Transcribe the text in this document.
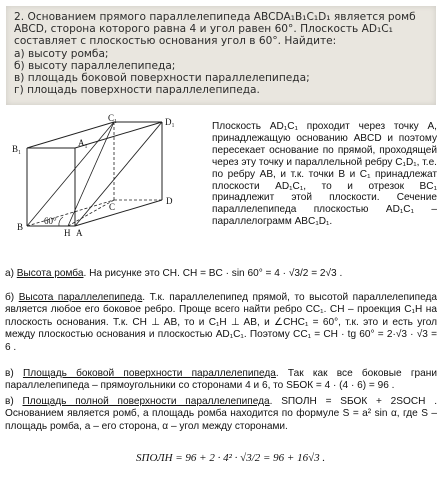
2. Основанием прямого параллелепипеда ABCDA₁B₁C₁D₁ является ромб
ABCD, сторона которого равна 4 и угол равен 60°. Плоскость AD₁C₁
составляет с плоскостью основания угол в 60°. Найдите:
а) высоту ромба;
б) высоту параллелепипеда;
в) площадь боковой поверхности параллелепипеда;
г) площадь поверхности параллелепипеда.
C₁	D₁
B₁
A₁
C
D
B
H A
60°
Плоскость AD₁C₁ проходит через точку A, принадлежащую основанию ABCD и поэтому пересекает основание по прямой, проходящей через эту точку и параллельной ребру C₁D₁, т.е. по ребру AB, и т.к. точки B и C₁ принадлежат плоскости AD₁C₁, то и отрезок BC₁ принадлежит этой плоскости. Сечение параллелепипеда плоскостью AD₁C₁ – параллелограмм ABC₁D₁.
а) Высота ромба. На рисунке это CH. CH = BC · sin 60° = 4 · √3/2 = 2√3 .
б) Высота параллелепипеда. Т.к. параллелепипед прямой, то высотой параллелепипеда является любое его боковое ребро. Проще всего найти ребро CC₁. CH – проекция C₁H на плоскость основания. Т.к. CH ⊥ AB, то и C₁H ⊥ AB, и ∠CHC₁ = 60°, т.к. это и есть угол между плоскостью основания и плоскостью AD₁C₁. Поэтому CC₁ = CH · tg 60° = 2·√3 · √3 = 6 .
в) Площадь боковой поверхности параллелепипеда. Так как все боковые грани параллелепипеда – прямоугольники со сторонами 4 и 6, то SБОК = 4 · (4 · 6) = 96 .
в) Площадь полной поверхности параллелепипеда. SПОЛН = SБОК + 2SОСН . Основанием является ромб, а площадь ромба находится по формуле S = a² sin α, где S – площадь ромба, a – его сторона, α – угол между сторонами.
SПОЛН = 96 + 2 · 4² · √3/2 = 96 + 16√3 .
